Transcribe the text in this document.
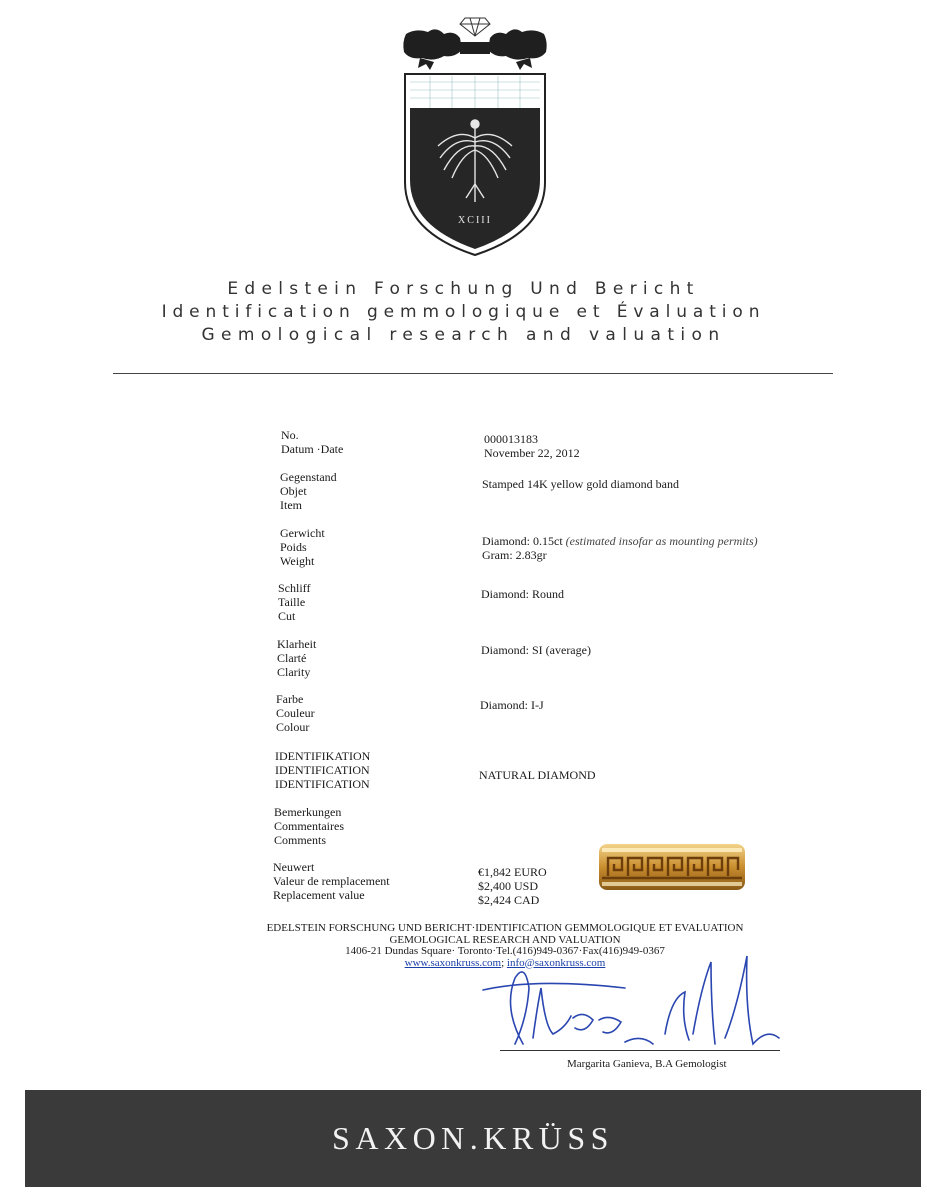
XCIII
Edelstein Forschung Und Bericht
Identification gemmologique et Évaluation
Gemological research and valuation
No.
Datum ·Date
000013183
November 22, 2012
Gegenstand
Objet
Item
Stamped 14K yellow gold diamond band
Gerwicht
Poids
Weight
Diamond: 0.15ct (estimated insofar as mounting permits)
Gram: 2.83gr
Schliff
Taille
Cut
Diamond: Round
Klarheit
Clarté
Clarity
Diamond: SI (average)
Farbe
Couleur
Colour
Diamond: I-J
IDENTIFIKATION
IDENTIFICATION
IDENTIFICATION
NATURAL DIAMOND
Bemerkungen
Commentaires
Comments
Neuwert
Valeur de remplacement
Replacement value
€1,842 EURO
$2,400 USD
$2,424 CAD
EDELSTEIN FORSCHUNG UND BERICHT·IDENTIFICATION GEMMOLOGIQUE ET EVALUATION
GEMOLOGICAL RESEARCH AND VALUATION
1406-21 Dundas Square· Toronto·Tel.(416)949-0367·Fax(416)949-0367
www.saxonkruss.com; info@saxonkruss.com
Margarita Ganieva, B.A Gemologist
SAXON.KRÜSS
